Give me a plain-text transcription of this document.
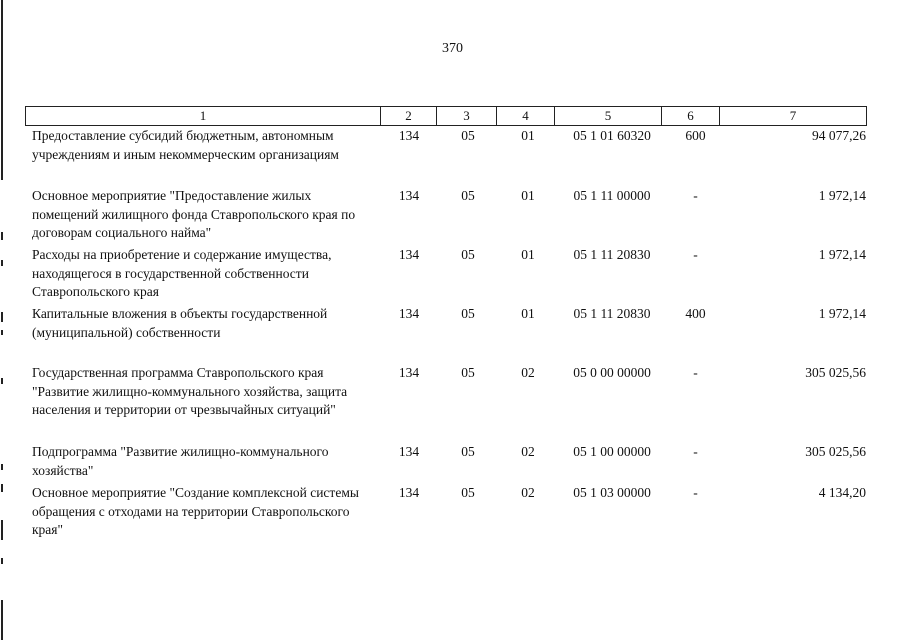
370
1	2	3	4	5	6	7
Предоставление субсидий бюджетным, автономным учреждениям и иным некоммерческим организациям
134	05	01	05 1 01 60320	600	94 077,26
Основное мероприятие "Предоставление жилых помещений жилищного фонда Ставропольского края по договорам социального найма"
134	05	01	05 1 11 00000	-	1 972,14
Расходы на приобретение и содержание имущества, находящегося в государственной собственности Ставропольского края
134	05	01	05 1 11 20830	-	1 972,14
Капитальные вложения в объекты государственной (муниципальной) собственности
134	05	01	05 1 11 20830	400	1 972,14
Государственная программа Ставропольского края "Развитие жилищно-коммунального хозяйства, защита населения и территории от чрезвычайных ситуаций"
134	05	02	05 0 00 00000	-	305 025,56
Подпрограмма "Развитие жилищно-коммунального хозяйства"
134	05	02	05 1 00 00000	-	305 025,56
Основное мероприятие "Создание комплексной системы обращения с отходами на территории Ставропольского края"
134	05	02	05 1 03 00000	-	4 134,20
